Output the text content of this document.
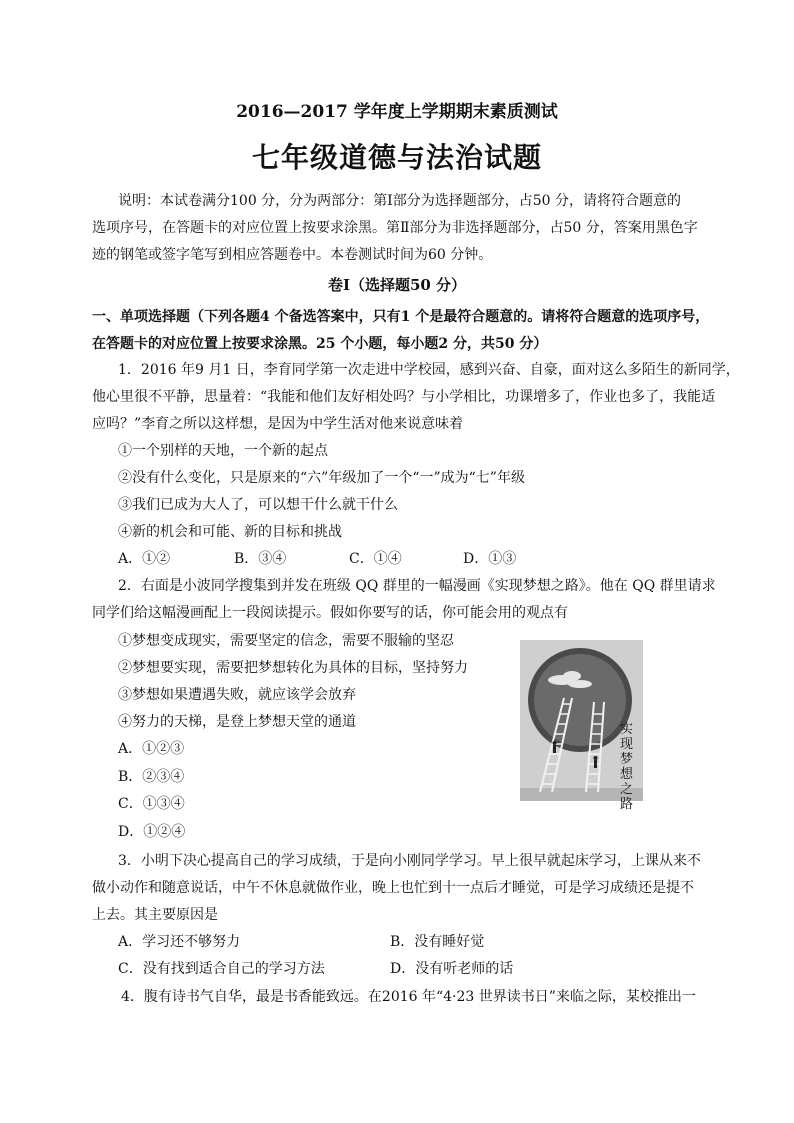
2016—2017 学年度上学期期末素质测试
七年级道德与法治试题
说明：本试卷满分100 分，分为两部分：第Ⅰ部分为选择题部分，占50 分，请将符合题意的
选项序号，在答题卡的对应位置上按要求涂黑。第Ⅱ部分为非选择题部分，占50 分，答案用黑色字
迹的钢笔或签字笔写到相应答题卷中。本卷测试时间为60 分钟。
卷Ⅰ（选择题50 分）
一、单项选择题（下列各题4 个备选答案中，只有1 个是最符合题意的。请将符合题意的选项序号，
在答题卡的对应位置上按要求涂黑。25 个小题，每小题2 分，共50 分）
1．2016 年9 月1 日，李育同学第一次走进中学校园，感到兴奋、自豪，面对这么多陌生的新同学，
他心里很不平静，思量着：“我能和他们友好相处吗？与小学相比，功课增多了，作业也多了，我能适
应吗？”李育之所以这样想，是因为中学生活对他来说意味着
①一个别样的天地，一个新的起点
②没有什么变化，只是原来的“六”年级加了一个“一”成为“七”年级
③我们已成为大人了，可以想干什么就干什么
④新的机会和可能、新的目标和挑战
A．①②	B．③④	C．①④	D．①③
2．右面是小波同学搜集到并发在班级 QQ 群里的一幅漫画《实现梦想之路》。他在 QQ 群里请求
同学们给这幅漫画配上一段阅读提示。假如你要写的话，你可能会用的观点有
①梦想变成现实，需要坚定的信念，需要不服输的坚忍
②梦想要实现，需要把梦想转化为具体的目标，坚持努力
③梦想如果遭遇失败，就应该学会放弃
④努力的天梯，是登上梦想天堂的通道
A．①②③
B．②③④
C．①③④
D．①②④
实现梦想之路
3．小明下决心提高自己的学习成绩，于是向小刚同学学习。早上很早就起床学习，上课从来不
做小动作和随意说话，中午不休息就做作业，晚上也忙到十一点后才睡觉，可是学习成绩还是提不
上去。其主要原因是
A．学习还不够努力	B．没有睡好觉
C．没有找到适合自己的学习方法	D．没有听老师的话
4．腹有诗书气自华，最是书香能致远。在2016 年“4·23 世界读书日”来临之际，某校推出一
